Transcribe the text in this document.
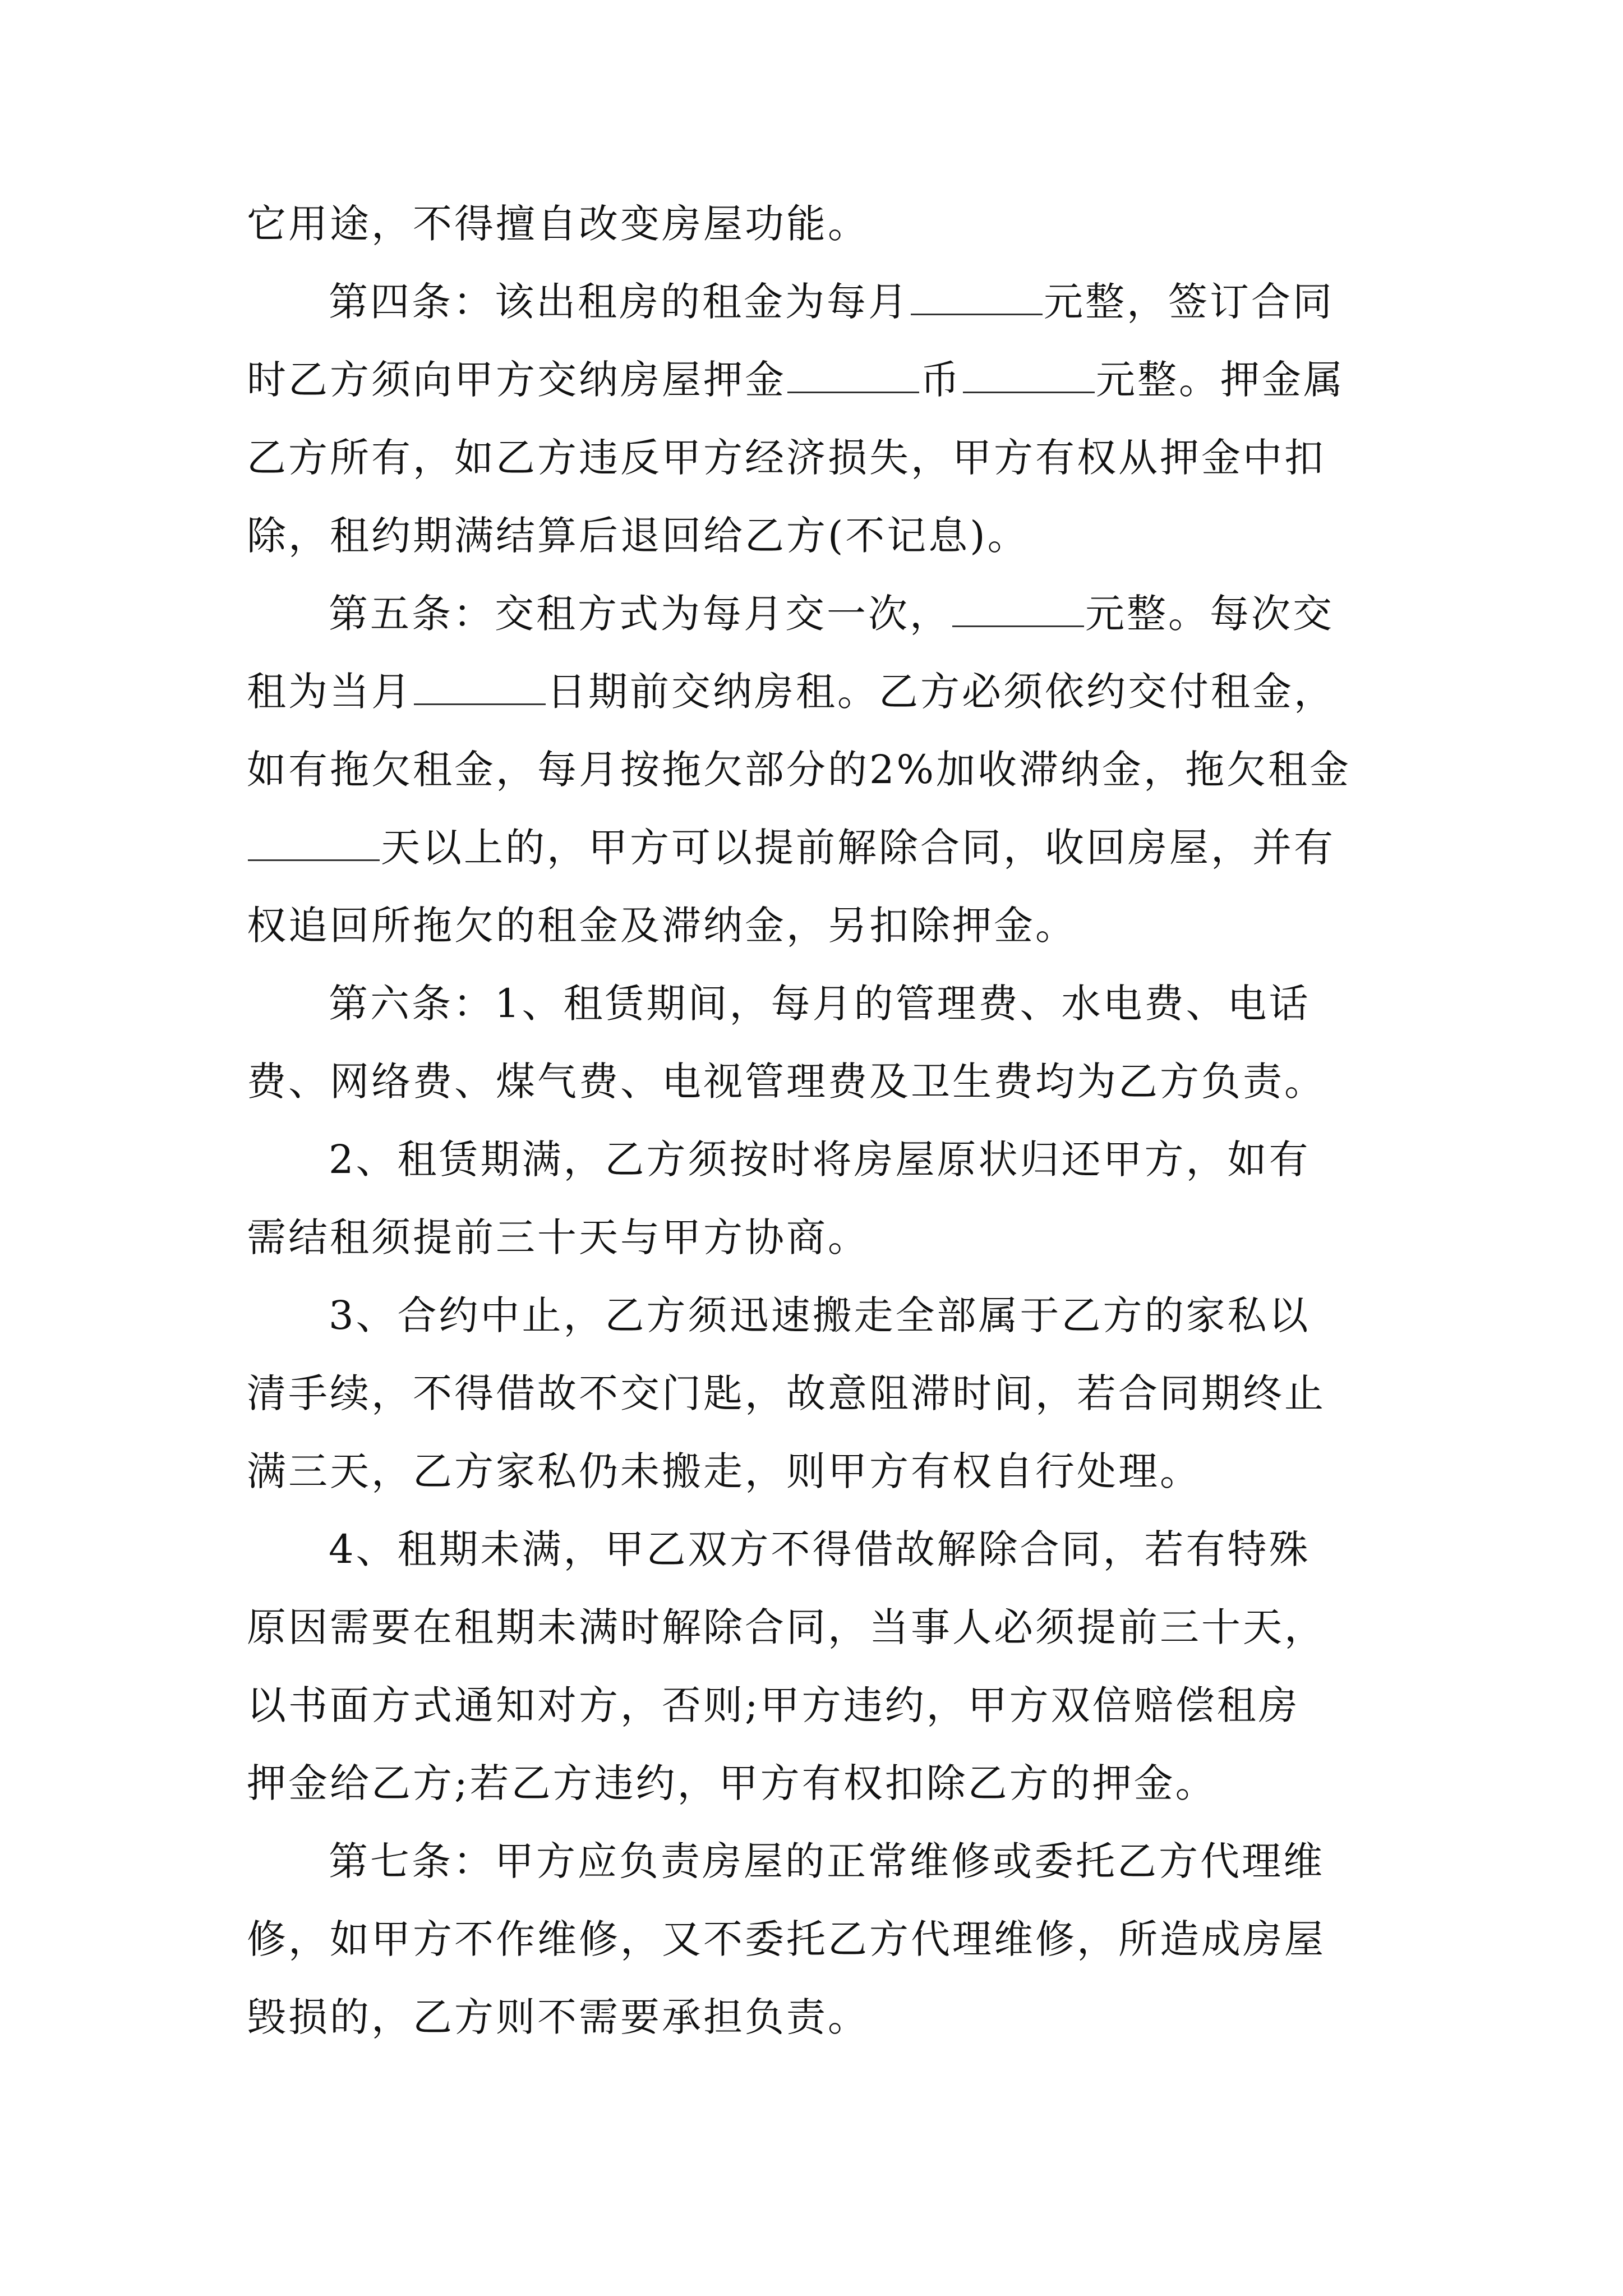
它用途，不得擅自改变房屋功能。
第四条：该出租房的租金为每月	元整，签订合同
时乙方须向甲方交纳房屋押金	币	元整。押金属
乙方所有，如乙方违反甲方经济损失，甲方有权从押金中扣
除，租约期满结算后退回给乙方(不记息)。
第五条：交租方式为每月交一次，	元整。每次交
租为当月	日期前交纳房租。乙方必须依约交付租金，
如有拖欠租金，每月按拖欠部分的2%加收滞纳金，拖欠租金
天以上的，甲方可以提前解除合同，收回房屋，并有
权追回所拖欠的租金及滞纳金，另扣除押金。
第六条：1、租赁期间，每月的管理费、水电费、电话
费、网络费、煤气费、电视管理费及卫生费均为乙方负责。
2、租赁期满，乙方须按时将房屋原状归还甲方，如有
需结租须提前三十天与甲方协商。
3、合约中止，乙方须迅速搬走全部属于乙方的家私以
清手续，不得借故不交门匙，故意阻滞时间，若合同期终止
满三天，乙方家私仍未搬走，则甲方有权自行处理。
4、租期未满，甲乙双方不得借故解除合同，若有特殊
原因需要在租期未满时解除合同，当事人必须提前三十天，
以书面方式通知对方，否则;甲方违约，甲方双倍赔偿租房
押金给乙方;若乙方违约，甲方有权扣除乙方的押金。
第七条：甲方应负责房屋的正常维修或委托乙方代理维
修，如甲方不作维修，又不委托乙方代理维修，所造成房屋
毁损的，乙方则不需要承担负责。
